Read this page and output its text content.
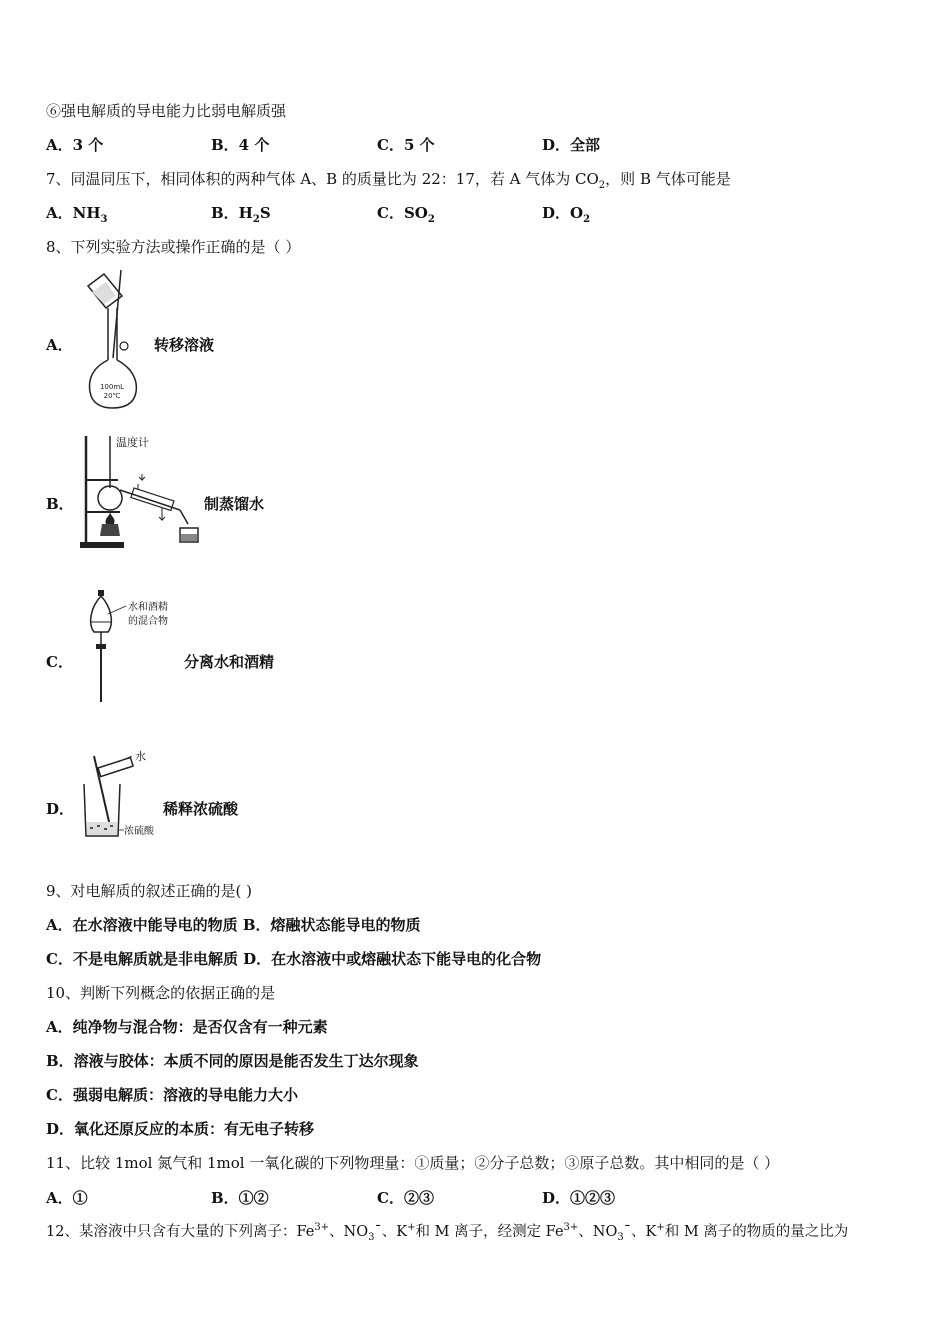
⑥强电解质的导电能力比弱电解质强
A．3 个	B．4 个	C．5 个	D．全部
7、同温同压下，相同体积的两种气体 A、B 的质量比为 22：17，若 A 气体为 $CO_2$，则 B 气体可能是
A．$NH_3$	B．$H_2S$	C．$SO_2$	D．$O_2$
8、下列实验方法或操作正确的是（ ）
A．
100mL
20℃
转移溶液
B．
温度计
制蒸馏水
C．
水和酒精
的混合物
分离水和酒精
D．
水
浓硫酸
稀释浓硫酸
9、对电解质的叙述正确的是( )
A．在水溶液中能导电的物质 B．熔融状态能导电的物质
C．不是电解质就是非电解质 D．在水溶液中或熔融状态下能导电的化合物
10、判断下列概念的依据正确的是
A．纯净物与混合物：是否仅含有一种元素
B．溶液与胶体：本质不同的原因是能否发生丁达尔现象
C．强弱电解质：溶液的导电能力大小
D．氧化还原反应的本质：有无电子转移
11、比较 1mol 氮气和 1mol 一氧化碳的下列物理量：①质量；②分子总数；③原子总数。其中相同的是（ ）
A．①	B．①②	C．②③	D．①②③
12、某溶液中只含有大量的下列离子：$Fe^{3+}$、$NO_3¯$、K+和 M 离子，经测定 $Fe^{3+}$、$NO_3¯$、K+和 M 离子的物质的量之比为
